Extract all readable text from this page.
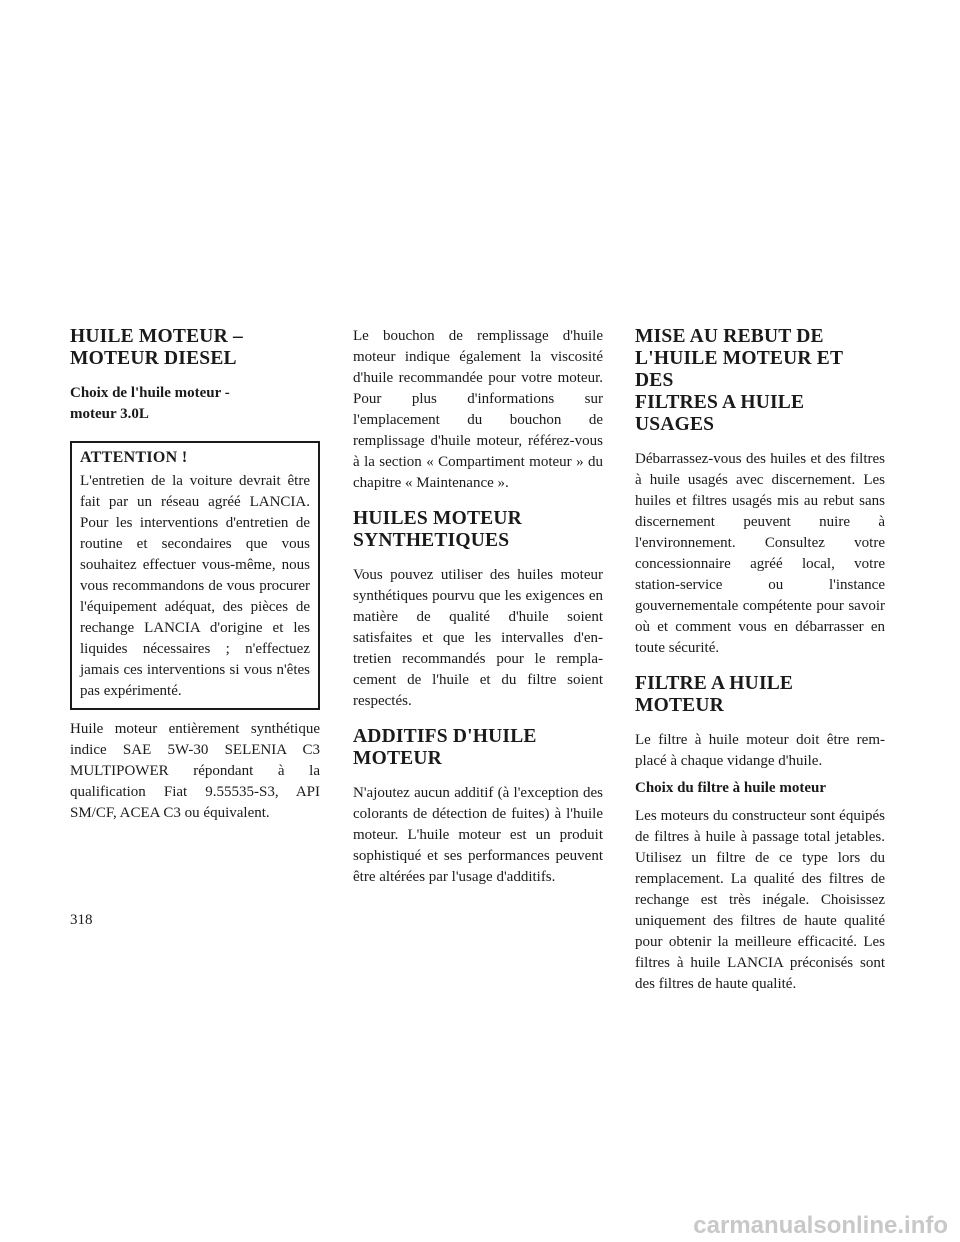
HUILE MOTEUR –
MOTEUR DIESEL
Choix de l'huile moteur -
moteur 3.0L
ATTENTION !

L'entretien de la voiture devrait être fait par un réseau agréé LANCIA. Pour les interventions d'entretien de routine et secondaires que vous souhaitez effectuer vous-même, nous vous recommandons de vous procurer l'équipement adéquat, des pièces de rechange LANCIA d'origine et les liquides nécessaires ; n'effectuez jamais ces interventions si vous n'êtes pas expérimenté.

Huile moteur entièrement synthétique indice SAE 5W-30 SELENIA C3 MULTIPOWER répondant à la qualification Fiat 9.55535-S3, API SM/CF, ACEA C3 ou équivalent.

Le bouchon de remplissage d'huile moteur indique également la viscosité d'huile recommandée pour votre moteur. Pour plus d'informations sur l'emplacement du bouchon de remplissage d'huile moteur, référez-vous à la section « Compartiment moteur » du chapitre « Maintenance ».

HUILES MOTEUR
SYNTHETIQUES

Vous pouvez utiliser des huiles moteur synthétiques pourvu que les exigences en matière de qualité d'huile soient satisfaites et que les intervalles d'entretien recommandés pour le remplacement de l'huile et du filtre soient respectés.

ADDITIFS D'HUILE
MOTEUR

N'ajoutez aucun additif (à l'exception des colorants de détection de fuites) à l'huile moteur. L'huile moteur est un produit sophistiqué et ses performances peuvent être altérées par l'usage d'additifs.

MISE AU REBUT DE
L'HUILE MOTEUR ET DES
FILTRES A HUILE USAGES

Débarrassez-vous des huiles et des filtres à huile usagés avec discernement. Les huiles et filtres usagés mis au rebut sans discernement peuvent nuire à l'environnement. Consultez votre concessionnaire agréé local, votre station-service ou l'instance gouvernementale compétente pour savoir où et comment vous en débarrasser en toute sécurité.

FILTRE A HUILE MOTEUR

Le filtre à huile moteur doit être remplacé à chaque vidange d'huile.

Choix du filtre à huile moteur

Les moteurs du constructeur sont équipés de filtres à huile à passage total jetables. Utilisez un filtre de ce type lors du remplacement. La qualité des filtres de rechange est très inégale. Choisissez uniquement des filtres de haute qualité pour obtenir la meilleure efficacité. Les filtres à huile LANCIA préconisés sont des filtres de haute qualité.

318
carmanualsonline.info
